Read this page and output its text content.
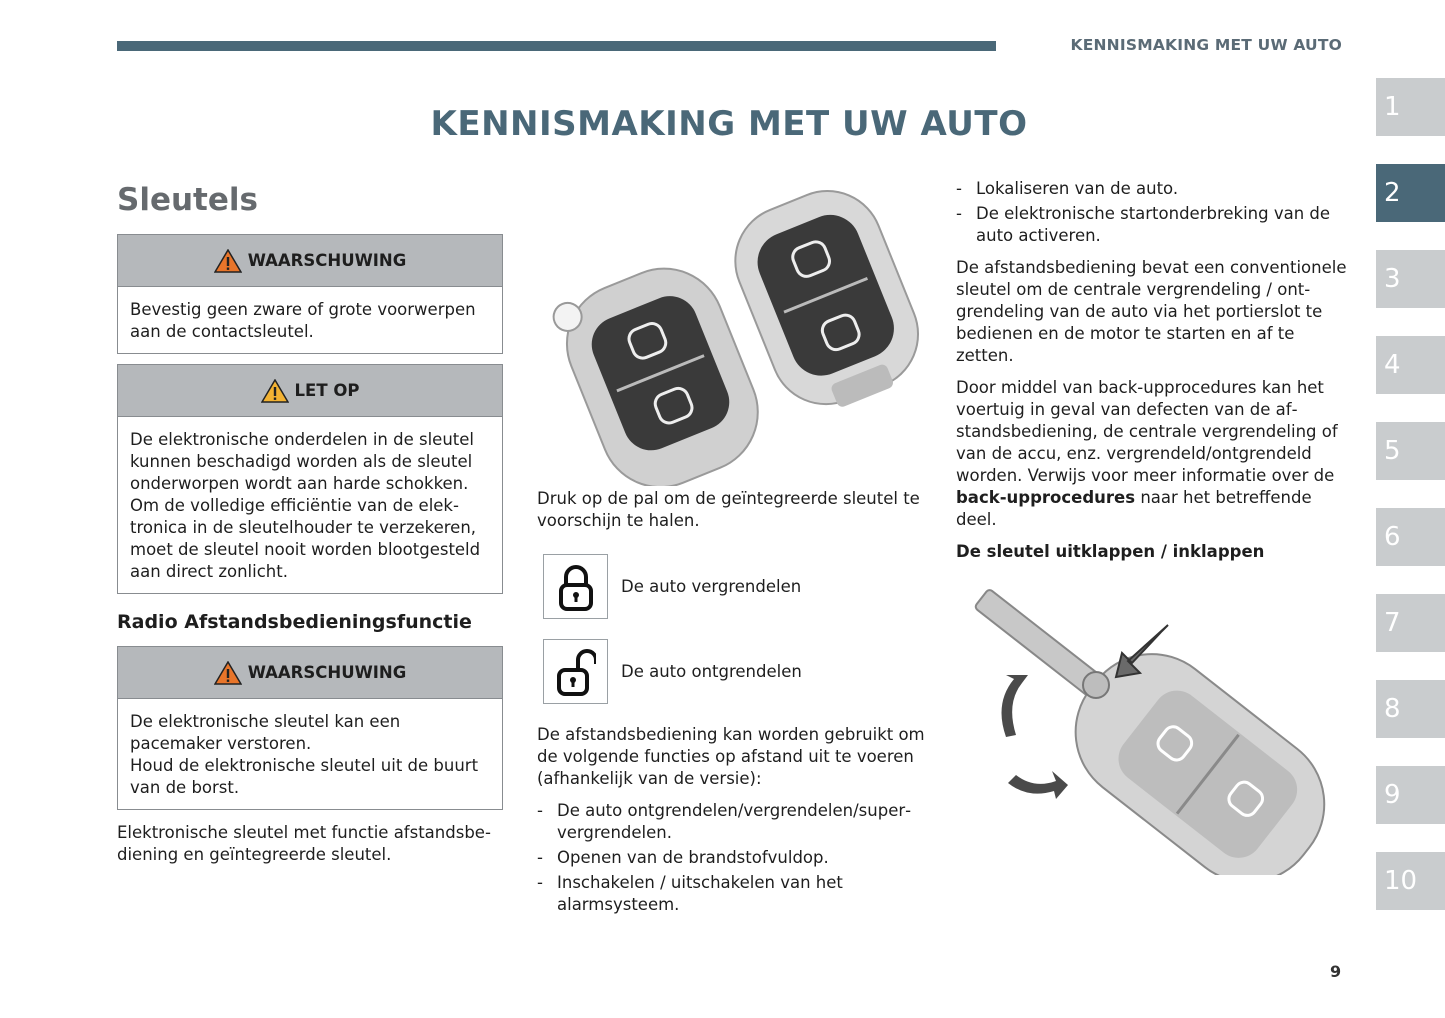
KENNISMAKING MET UW AUTO
KENNISMAKING MET UW AUTO	1
2
3
4
5
6
7
8
9
10
Sleutels
WAARSCHUWING
Bevestig geen zware of grote voorwerpen aan de contactsleutel.
LET OP
De elektronische onderdelen in de sleutel kunnen beschadigd worden als de sleutel onderworpen wordt aan harde schokken. Om de volledige efficiëntie van de elektronica in de sleutelhouder te verzekeren, moet de sleutel nooit worden blootgesteld aan direct zonlicht.
Radio Afstandsbedieningsfunctie
WAARSCHUWING
De elektronische sleutel kan een pacemaker verstoren.
Houd de elektronische sleutel uit de buurt van de borst.

Elektronische sleutel met functie afstandsbediening en geïntegreerde sleutel.

Druk op de pal om de geïntegreerde sleutel te voorschijn te halen.

De auto vergrendelen
De auto ontgrendelen

De afstandsbediening kan worden gebruikt om de volgende functies op afstand uit te voeren (afhankelijk van de versie):

- De auto ontgrendelen/vergrendelen/supervergrendelen.
- Openen van de brandstofvuldop.
- Inschakelen / uitschakelen van het alarmsysteem.
- Lokaliseren van de auto.
- De elektronische startonderbreking van de auto activeren.

De afstandsbediening bevat een conventionele sleutel om de centrale vergrendeling / ontgrendeling van de auto via het portierslot te bedienen en de motor te starten en af te zetten.

Door middel van back-upprocedures kan het voertuig in geval van defecten van de afstandsbediening, de centrale vergrendeling of van de accu, enz. vergrendeld/ontgrendeld worden. Verwijs voor meer informatie over de back-upprocedures naar het betreffende deel.

De sleutel uitklappen / inklappen
9
